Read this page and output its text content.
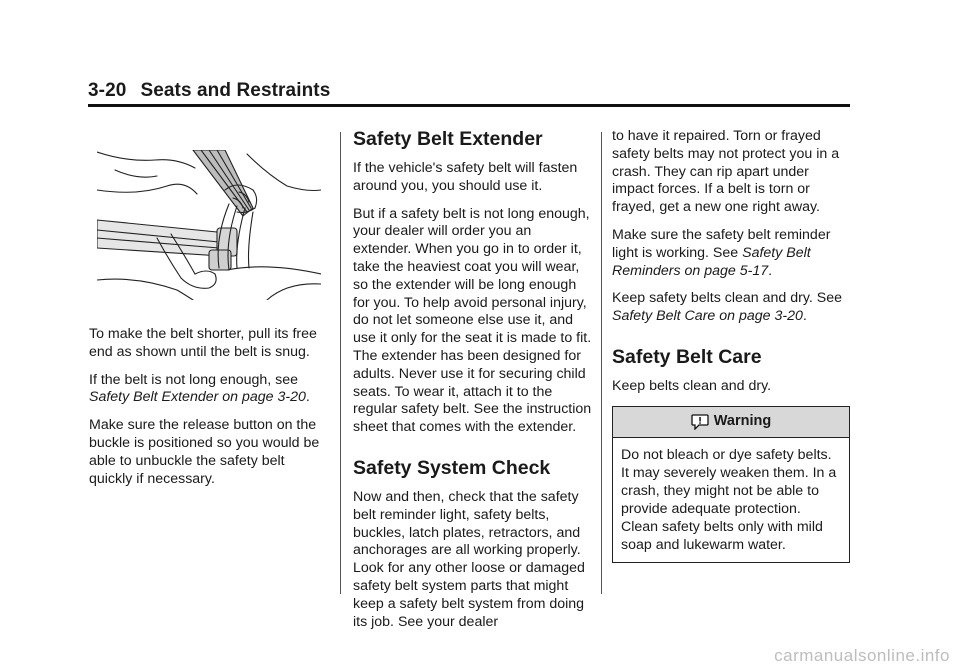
3-20 Seats and Restraints

To make the belt shorter, pull its free end as shown until the belt is snug.

If the belt is not long enough, see Safety Belt Extender on page 3-20.

Make sure the release button on the buckle is positioned so you would be able to unbuckle the safety belt quickly if necessary.

Safety Belt Extender

If the vehicle's safety belt will fasten around you, you should use it.

But if a safety belt is not long enough, your dealer will order you an extender. When you go in to order it, take the heaviest coat you will wear, so the extender will be long enough for you. To help avoid personal injury, do not let someone else use it, and use it only for the seat it is made to fit. The extender has been designed for adults. Never use it for securing child seats. To wear it, attach it to the regular safety belt. See the instruction sheet that comes with the extender.

Safety System Check

Now and then, check that the safety belt reminder light, safety belts, buckles, latch plates, retractors, and anchorages are all working properly. Look for any other loose or damaged safety belt system parts that might keep a safety belt system from doing its job. See your dealer

to have it repaired. Torn or frayed safety belts may not protect you in a crash. They can rip apart under impact forces. If a belt is torn or frayed, get a new one right away.

Make sure the safety belt reminder light is working. See Safety Belt Reminders on page 5-17.

Keep safety belts clean and dry. See Safety Belt Care on page 3-20.

Safety Belt Care

Keep belts clean and dry.

Warning
Do not bleach or dye safety belts. It may severely weaken them. In a crash, they might not be able to provide adequate protection. Clean safety belts only with mild soap and lukewarm water.
carmanualsonline.info
